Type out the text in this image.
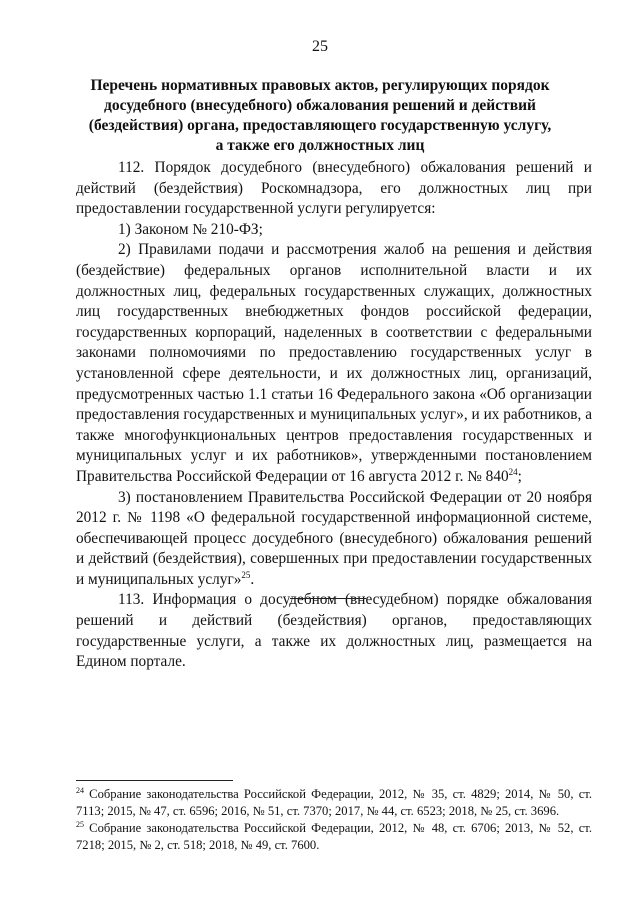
25
Перечень нормативных правовых актов, регулирующих порядок досудебного (внесудебного) обжалования решений и действий (бездействия) органа, предоставляющего государственную услугу, а также его должностных лиц

112. Порядок досудебного (внесудебного) обжалования решений и действий (бездействия) Роскомнадзора, его должностных лиц при предоставлении государственной услуги регулируется:

1) Законом № 210-ФЗ;

2) Правилами подачи и рассмотрения жалоб на решения и действия (бездействие) федеральных органов исполнительной власти и их должностных лиц, федеральных государственных служащих, должностных лиц государственных внебюджетных фондов российской федерации, государственных корпораций, наделенных в соответствии с федеральными законами полномочиями по предоставлению государственных услуг в установленной сфере деятельности, и их должностных лиц, организаций, предусмотренных частью 1.1 статьи 16 Федерального закона «Об организации предоставления государственных и муниципальных услуг», и их работников, а также многофункциональных центров предоставления государственных и муниципальных услуг и их работников», утвержденными постановлением Правительства Российской Федерации от 16 августа 2012 г. № $840^{24}$;

3) постановлением Правительства Российской Федерации от 20 ноября 2012 г. № 1198 «О федеральной государственной информационной системе, обеспечивающей процесс досудебного (внесудебного) обжалования решений и действий (бездействия), совершенных при предоставлении государственных и муниципальных услуг»$^{25}$.

113. Информация о досудебном (внесудебном) порядке обжалования решений и действий (бездействия) органов, предоставляющих государственные услуги, а также их должностных лиц, размещается на Едином портале.

$^{24}$ Собрание законодательства Российской Федерации, 2012, № 35, ст. 4829; 2014, № 50, ст. 7113; 2015, № 47, ст. 6596; 2016, № 51, ст. 7370; 2017, № 44, ст. 6523; 2018, № 25, ст. 3696.

$^{25}$ Собрание законодательства Российской Федерации, 2012, № 48, ст. 6706; 2013, № 52, ст. 7218; 2015, № 2, ст. 518; 2018, № 49, ст. 7600.
